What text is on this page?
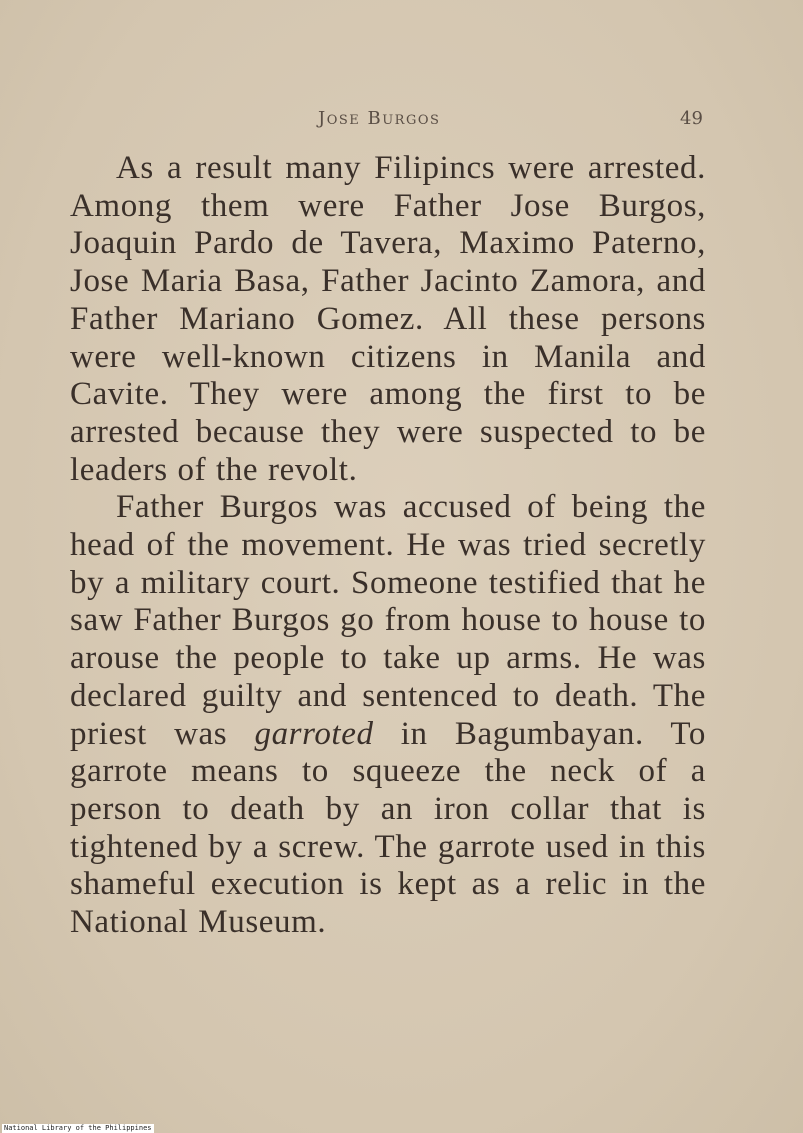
Jose Burgos	49

As a result many Filipincs were arrested. Among them were Father Jose Burgos, Joaquin Pardo de Tavera, Maximo Paterno, Jose Maria Basa, Father Jacinto Zamora, and Father Mariano Gomez. All these persons were well-known citizens in Manila and Cavite. They were among the first to be arrested because they were suspected to be leaders of the revolt.

Father Burgos was accused of being the head of the movement. He was tried secretly by a military court. Someone testified that he saw Father Burgos go from house to house to arouse the people to take up arms. He was declared guilty and sentenced to death. The priest was garroted in Bagumbayan. To garrote means to squeeze the neck of a person to death by an iron collar that is tightened by a screw. The garrote used in this shameful execution is kept as a relic in the National Museum.

National Library of the Philippines
